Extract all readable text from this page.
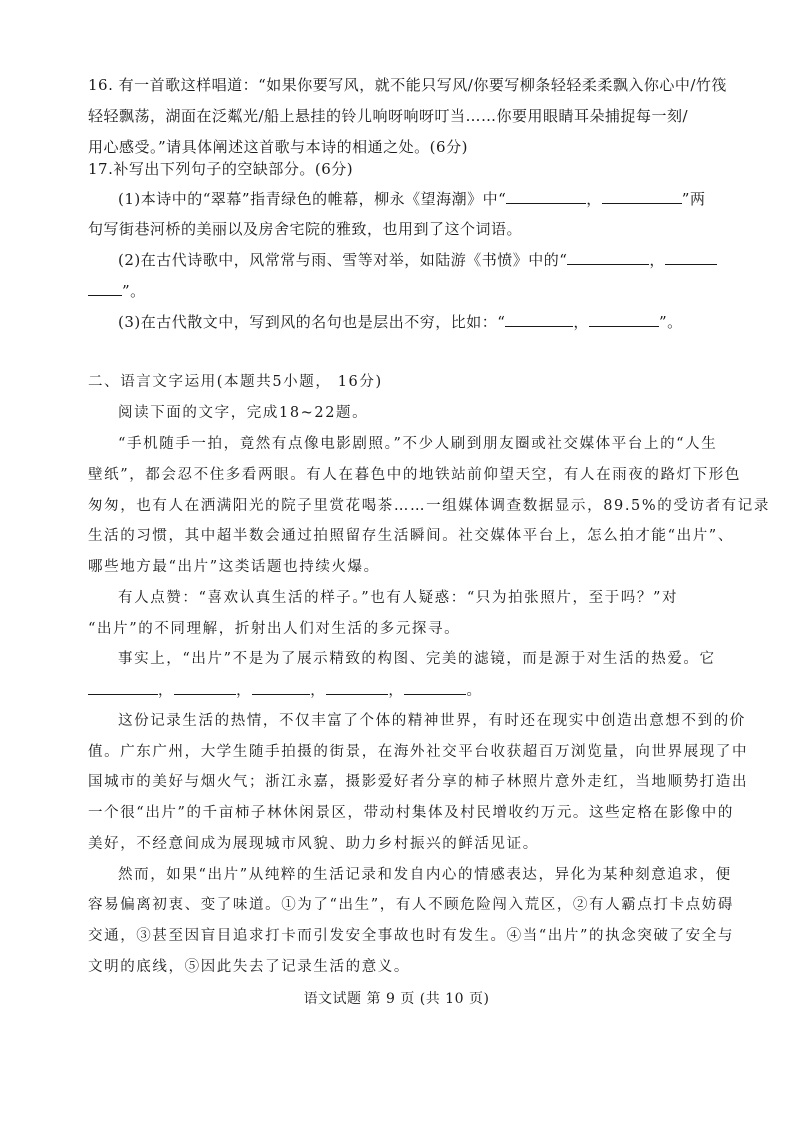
16. 有一首歌这样唱道：“如果你要写风，就不能只写风/你要写柳条轻轻柔柔飘入你心中/竹筏
轻轻飘荡，湖面在泛粼光/船上悬挂的铃儿响呀响呀叮当……你要用眼睛耳朵捕捉每一刻/
用心感受。”请具体阐述这首歌与本诗的相通之处。(6分)
17.补写出下列句子的空缺部分。(6分)
(1)本诗中的“翠幕”指青绿色的帷幕，柳永《望海潮》中“	，	”两
句写街巷河桥的美丽以及房舍宅院的雅致，也用到了这个词语。
(2)在古代诗歌中，风常常与雨、雪等对举，如陆游《书愤》中的“	，
”。
(3)在古代散文中，写到风的名句也是层出不穷，比如：“	，	”。
二、语言文字运用(本题共5小题， 16分)
阅读下面的文字，完成18~22题。
“手机随手一拍，竟然有点像电影剧照。”不少人刷到朋友圈或社交媒体平台上的“人生
壁纸”，都会忍不住多看两眼。有人在暮色中的地铁站前仰望天空，有人在雨夜的路灯下形色
匆匆，也有人在洒满阳光的院子里赏花喝茶……一组媒体调查数据显示，89.5%的受访者有记录
生活的习惯，其中超半数会通过拍照留存生活瞬间。社交媒体平台上，怎么拍才能“出片”、
哪些地方最“出片”这类话题也持续火爆。
有人点赞：“喜欢认真生活的样子。”也有人疑惑：“只为拍张照片，至于吗？”对
“出片”的不同理解，折射出人们对生活的多元探寻。
事实上，“出片”不是为了展示精致的构图、完美的滤镜，而是源于对生活的热爱。它
，	，	，	，	。
这份记录生活的热情，不仅丰富了个体的精神世界，有时还在现实中创造出意想不到的价
值。广东广州，大学生随手拍摄的街景，在海外社交平台收获超百万浏览量，向世界展现了中
国城市的美好与烟火气；浙江永嘉，摄影爱好者分享的柿子林照片意外走红，当地顺势打造出
一个很“出片”的千亩柿子林休闲景区，带动村集体及村民增收约万元。这些定格在影像中的
美好，不经意间成为展现城市风貌、助力乡村振兴的鲜活见证。
然而，如果“出片”从纯粹的生活记录和发自内心的情感表达，异化为某种刻意追求，便
容易偏离初衷、变了味道。①为了“出生”，有人不顾危险闯入荒区，②有人霸点打卡点妨碍
交通，③甚至因盲目追求打卡而引发安全事故也时有发生。④当“出片”的执念突破了安全与
文明的底线，⑤因此失去了记录生活的意义。
语文试题 第 9 页 (共 10 页)
